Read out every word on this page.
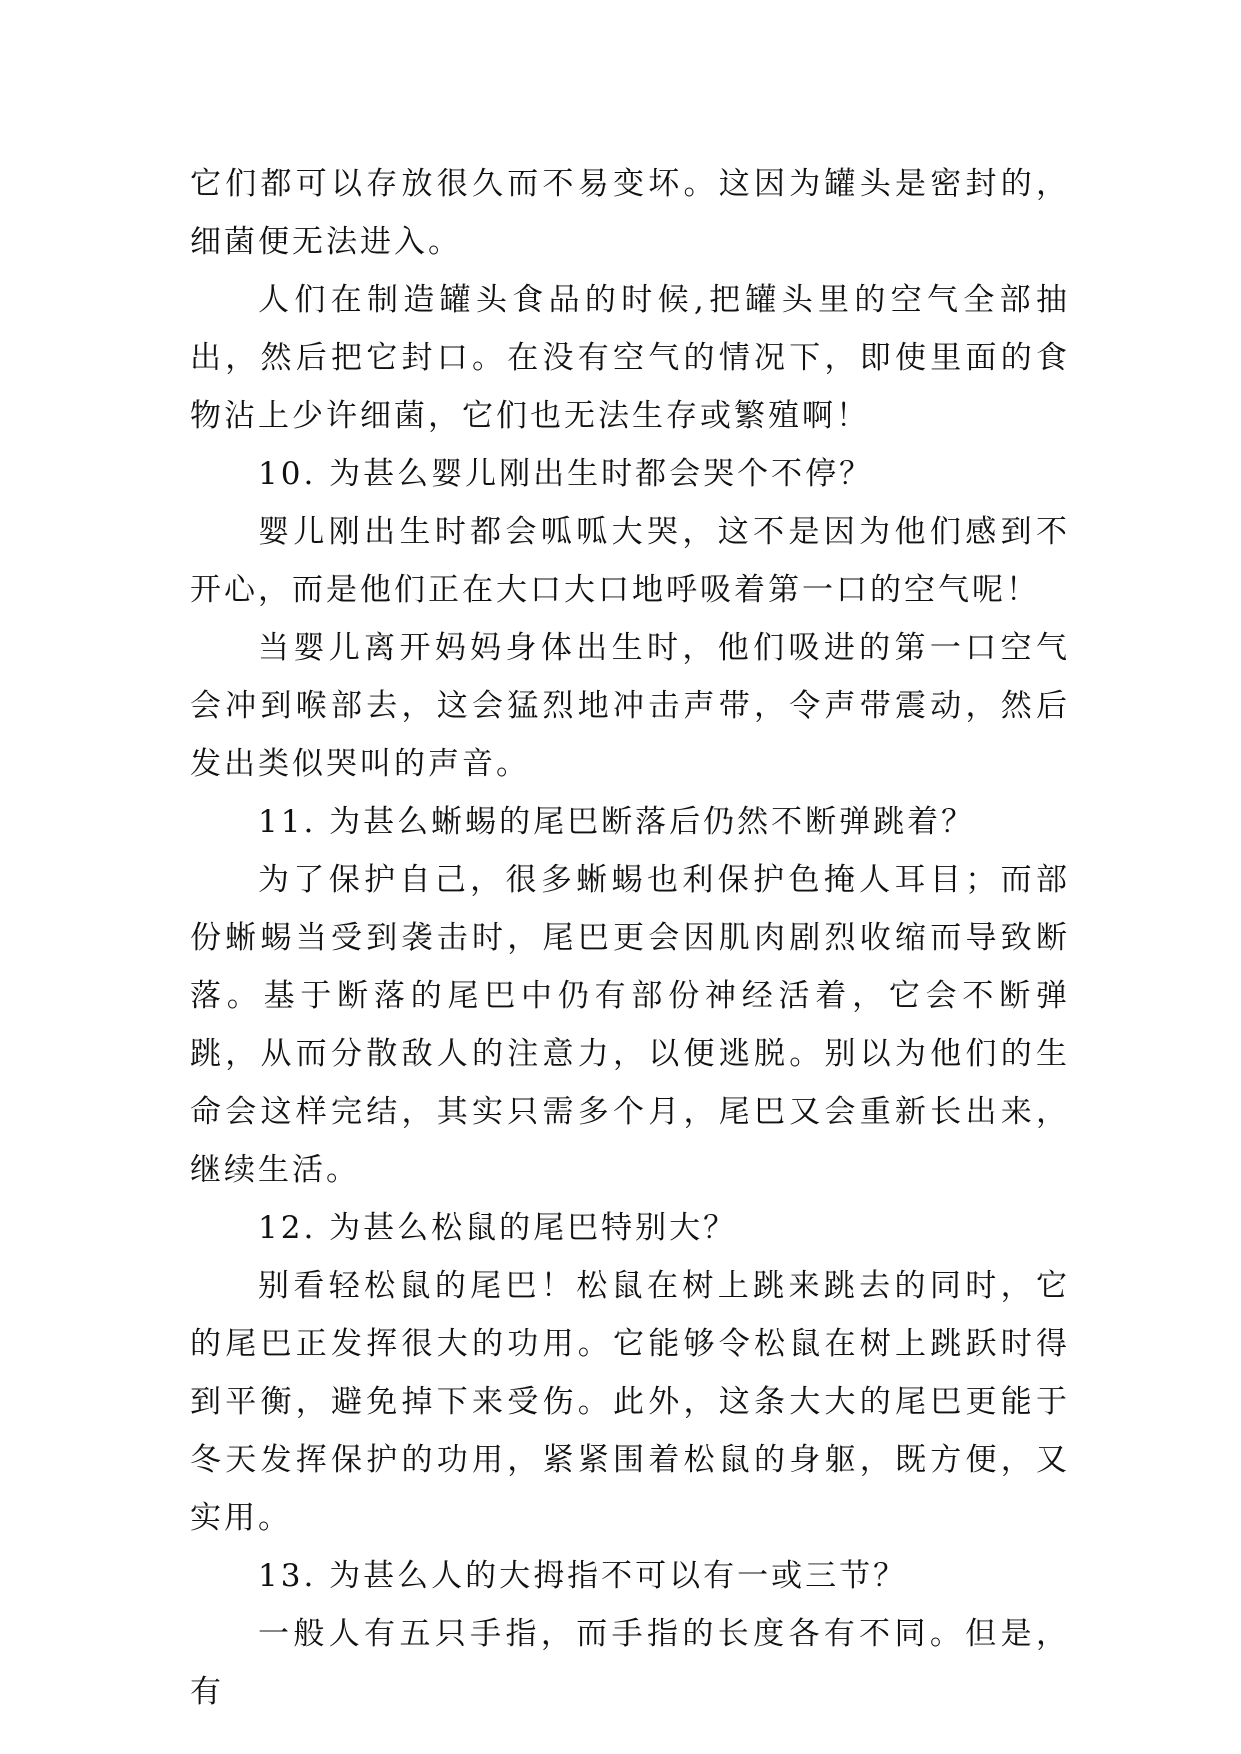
它们都可以存放很久而不易变坏。这因为罐头是密封的，细菌便无法进入。

人们在制造罐头食品的时候,把罐头里的空气全部抽出，然后把它封口。在没有空气的情况下，即使里面的食物沾上少许细菌，它们也无法生存或繁殖啊！

10. 为甚么婴儿刚出生时都会哭个不停？

婴儿刚出生时都会呱呱大哭，这不是因为他们感到不开心，而是他们正在大口大口地呼吸着第一口的空气呢！

当婴儿离开妈妈身体出生时，他们吸进的第一口空气会冲到喉部去，这会猛烈地冲击声带，令声带震动，然后发出类似哭叫的声音。

11. 为甚么蜥蜴的尾巴断落后仍然不断弹跳着？

为了保护自己，很多蜥蜴也利保护色掩人耳目；而部份蜥蜴当受到袭击时，尾巴更会因肌肉剧烈收缩而导致断落。基于断落的尾巴中仍有部份神经活着，它会不断弹跳，从而分散敌人的注意力，以便逃脱。别以为他们的生命会这样完结，其实只需多个月，尾巴又会重新长出来，继续生活。

12. 为甚么松鼠的尾巴特别大？

别看轻松鼠的尾巴！松鼠在树上跳来跳去的同时，它的尾巴正发挥很大的功用。它能够令松鼠在树上跳跃时得到平衡，避免掉下来受伤。此外，这条大大的尾巴更能于冬天发挥保护的功用，紧紧围着松鼠的身躯，既方便，又实用。

13. 为甚么人的大拇指不可以有一或三节？

一般人有五只手指，而手指的长度各有不同。但是，有
